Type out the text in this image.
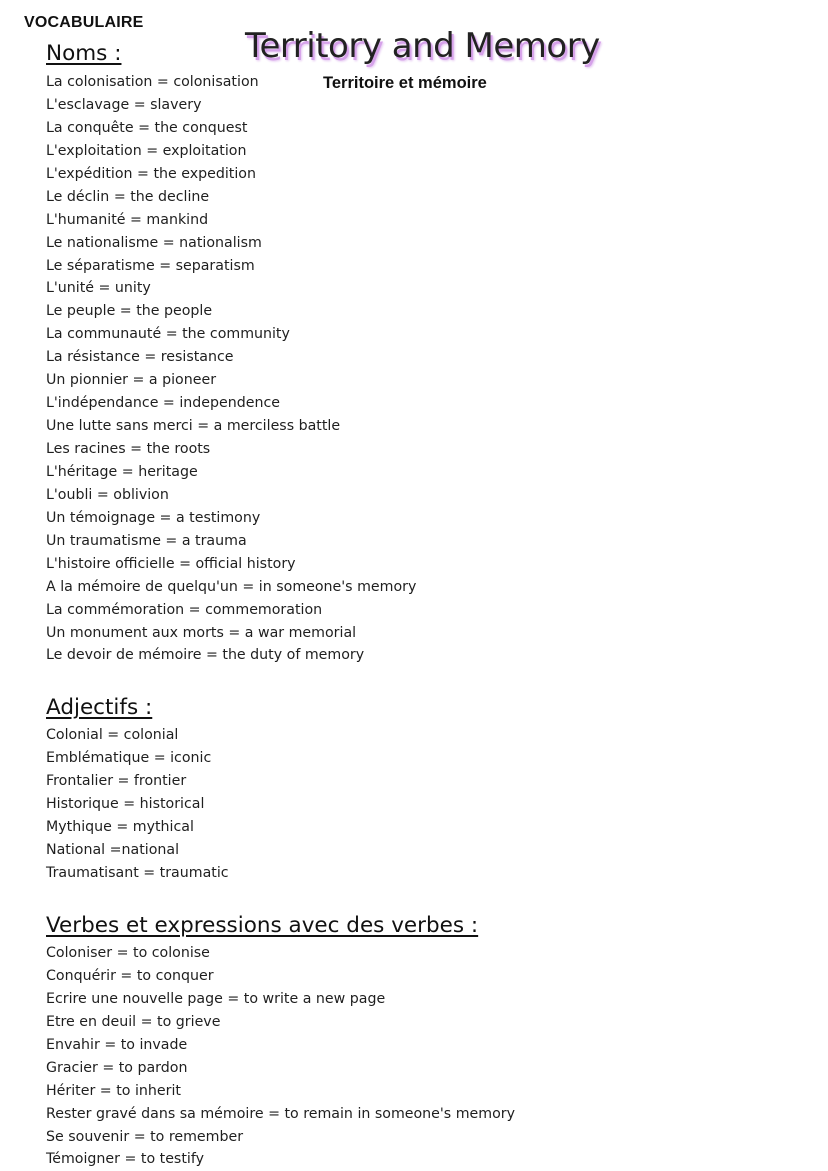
VOCABULAIRE
Territory and Memory
Territoire et mémoire
Noms :
La colonisation = colonisation
L'esclavage = slavery
La conquête = the conquest
L'exploitation = exploitation
L'expédition = the expedition
Le déclin = the decline
L'humanité = mankind
Le nationalisme = nationalism
Le séparatisme = separatism
L'unité = unity
Le peuple = the people
La communauté = the community
La résistance = resistance
Un pionnier = a pioneer
L'indépendance = independence
Une lutte sans merci = a merciless battle
Les racines = the roots
L'héritage = heritage
L'oubli = oblivion
Un témoignage = a testimony
Un traumatisme = a trauma
L'histoire officielle = official history
A la mémoire de quelqu'un = in someone's memory
La commémoration = commemoration
Un monument aux morts = a war memorial
Le devoir de mémoire = the duty of memory
Adjectifs :
Colonial = colonial
Emblématique = iconic
Frontalier = frontier
Historique = historical
Mythique = mythical
National =national
Traumatisant = traumatic
Verbes et expressions avec des verbes :
Coloniser = to colonise
Conquérir = to conquer
Ecrire une nouvelle page = to write a new page
Etre en deuil = to grieve
Envahir = to invade
Gracier = to pardon
Hériter = to inherit
Rester gravé dans sa mémoire = to remain in someone's memory
Se souvenir = to remember
Témoigner = to testify
